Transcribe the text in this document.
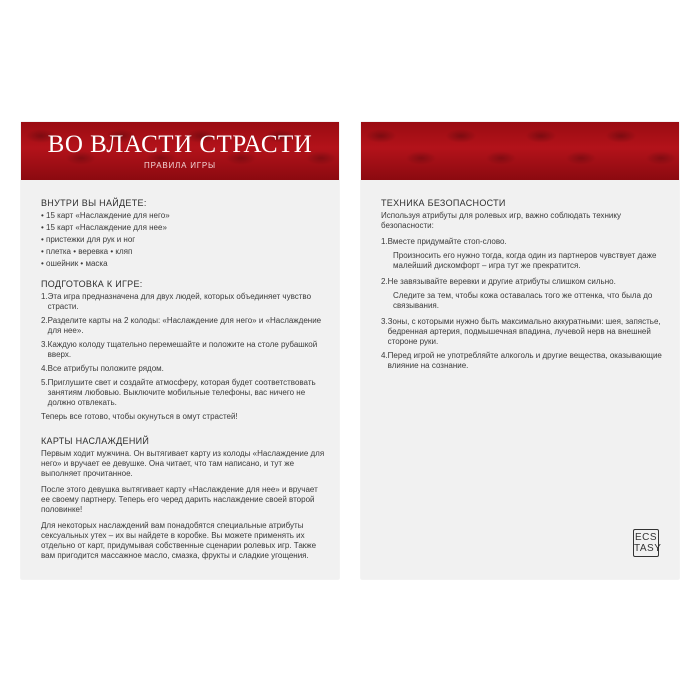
ВО ВЛАСТИ СТРАСТИ
ПРАВИЛА ИГРЫ
ВНУТРИ ВЫ НАЙДЕТЕ:
• 15 карт «Наслаждение для него»
• 15 карт «Наслаждение для нее»
• пристежки для рук и ног
• плетка • веревка • кляп
• ошейник • маска
ПОДГОТОВКА К ИГРЕ:
1. Эта игра предназначена для двух людей, которых объединяет чувство страсти.
2. Разделите карты на 2 колоды: «Наслаждение для него» и «Наслаждение для нее».
3. Каждую колоду тщательно перемешайте и положите на столе рубашкой вверх.
4. Все атрибуты положите рядом.
5. Приглушите свет и создайте атмосферу, которая будет соответствовать занятиям любовью. Выключите мобильные телефоны, вас ничего не должно отвлекать.
Теперь все готово, чтобы окунуться в омут страстей!
КАРТЫ НАСЛАЖДЕНИЙ
Первым ходит мужчина. Он вытягивает карту из колоды «Наслаждение для него» и вручает ее девушке. Она читает, что там написано, и тут же выполняет прочитанное.
После этого девушка вытягивает карту «Наслаждение для нее» и вручает ее своему партнеру. Теперь его черед дарить наслаждение своей второй половинке!
Для некоторых наслаждений вам понадобятся специальные атрибуты сексуальных утех – их вы найдете в коробке. Вы можете применять их отдельно от карт, придумывая собственные сценарии ролевых игр. Также вам пригодится массажное масло, смазка, фрукты и сладкие угощения.
ТЕХНИКА БЕЗОПАСНОСТИ
Используя атрибуты для ролевых игр, важно соблюдать технику безопасности:
1. Вместе придумайте стоп-слово.
Произносить его нужно тогда, когда один из партнеров чувствует даже малейший дискомфорт – игра тут же прекратится.
2. Не завязывайте веревки и другие атрибуты слишком сильно.
Следите за тем, чтобы кожа оставалась того же оттенка, что была до связывания.
3. Зоны, с которыми нужно быть максимально аккуратными: шея, запястье, бедренная артерия, подмышечная впадина, лучевой нерв на внешней стороне руки.
4. Перед игрой не употребляйте алкоголь и другие вещества, оказывающие влияние на сознание.
ЕCS
TASY
